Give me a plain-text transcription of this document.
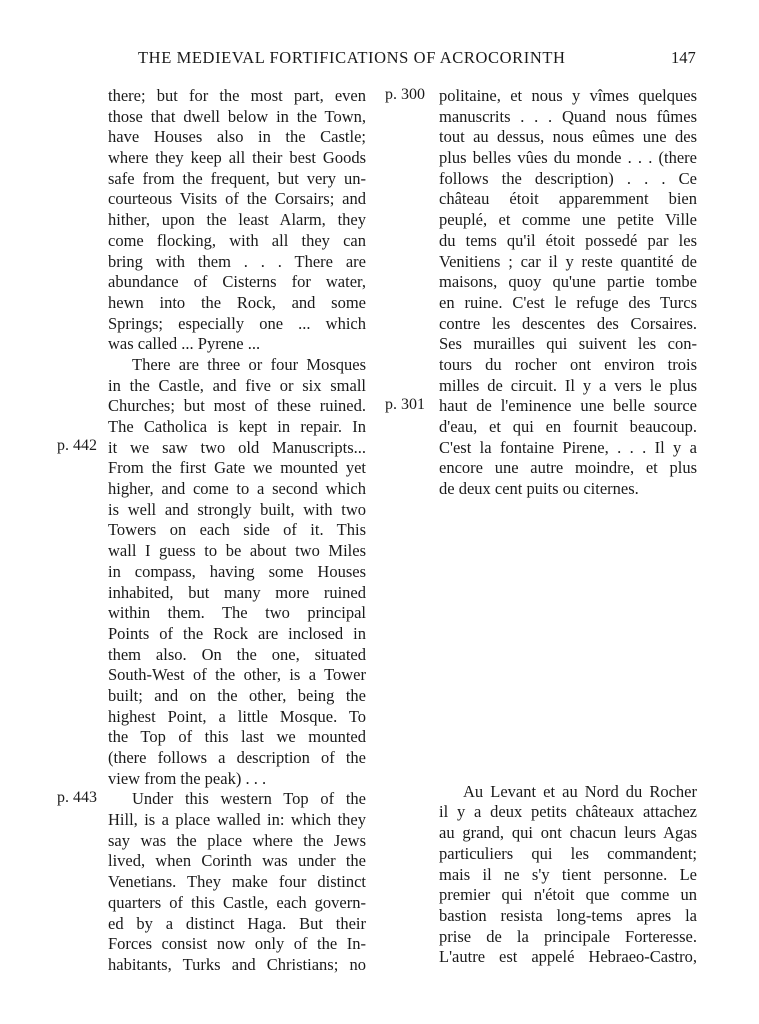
THE MEDIEVAL FORTIFICATIONS OF ACROCORINTH	147
p. 442
p. 443
p. 300
p. 301
there; but for the most part, even
those that dwell below in the Town,
have Houses also in the Castle;
where they keep all their best Goods
safe from the frequent, but very un-
courteous Visits of the Corsairs; and
hither, upon the least Alarm, they
come flocking, with all they can
bring with them . . . There are
abundance of Cisterns for water,
hewn into the Rock, and some
Springs; especially one ... which
was called ... Pyrene ...
There are three or four Mosques
in the Castle, and five or six small
Churches; but most of these ruined.
The Catholica is kept in repair. In
it we saw two old Manuscripts...
From the first Gate we mounted yet
higher, and come to a second which
is well and strongly built, with two
Towers on each side of it. This
wall I guess to be about two Miles
in compass, having some Houses
inhabited, but many more ruined
within them. The two principal
Points of the Rock are inclosed in
them also. On the one, situated
South-West of the other, is a Tower
built; and on the other, being the
highest Point, a little Mosque. To
the Top of this last we mounted
(there follows a description of the
view from the peak) . . .
Under this western Top of the
Hill, is a place walled in: which they
say was the place where the Jews
lived, when Corinth was under the
Venetians. They make four distinct
quarters of this Castle, each govern-
ed by a distinct Haga. But their
Forces consist now only of the In-
habitants, Turks and Christians; no
politaine, et nous y vîmes quelques
manuscrits . . . Quand nous fûmes
tout au dessus, nous eûmes une des
plus belles vûes du monde . . . (there
follows the description) . . . Ce
château étoit apparemment bien
peuplé, et comme une petite Ville
du tems qu'il étoit possedé par les
Venitiens ; car il y reste quantité de
maisons, quoy qu'une partie tombe
en ruine. C'est le refuge des Turcs
contre les descentes des Corsaires.
Ses murailles qui suivent les con-
tours du rocher ont environ trois
milles de circuit. Il y a vers le plus
haut de l'eminence une belle source
d'eau, et qui en fournit beaucoup.
C'est la fontaine Pirene, . . . Il y a
encore une autre moindre, et plus
de deux cent puits ou citernes.
Au Levant et au Nord du Rocher
il y a deux petits châteaux attachez
au grand, qui ont chacun leurs Agas
particuliers qui les commandent;
mais il ne s'y tient personne. Le
premier qui n'étoit que comme un
bastion resista long-tems apres la
prise de la principale Forteresse.
L'autre est appelé Hebraeo-Castro,
